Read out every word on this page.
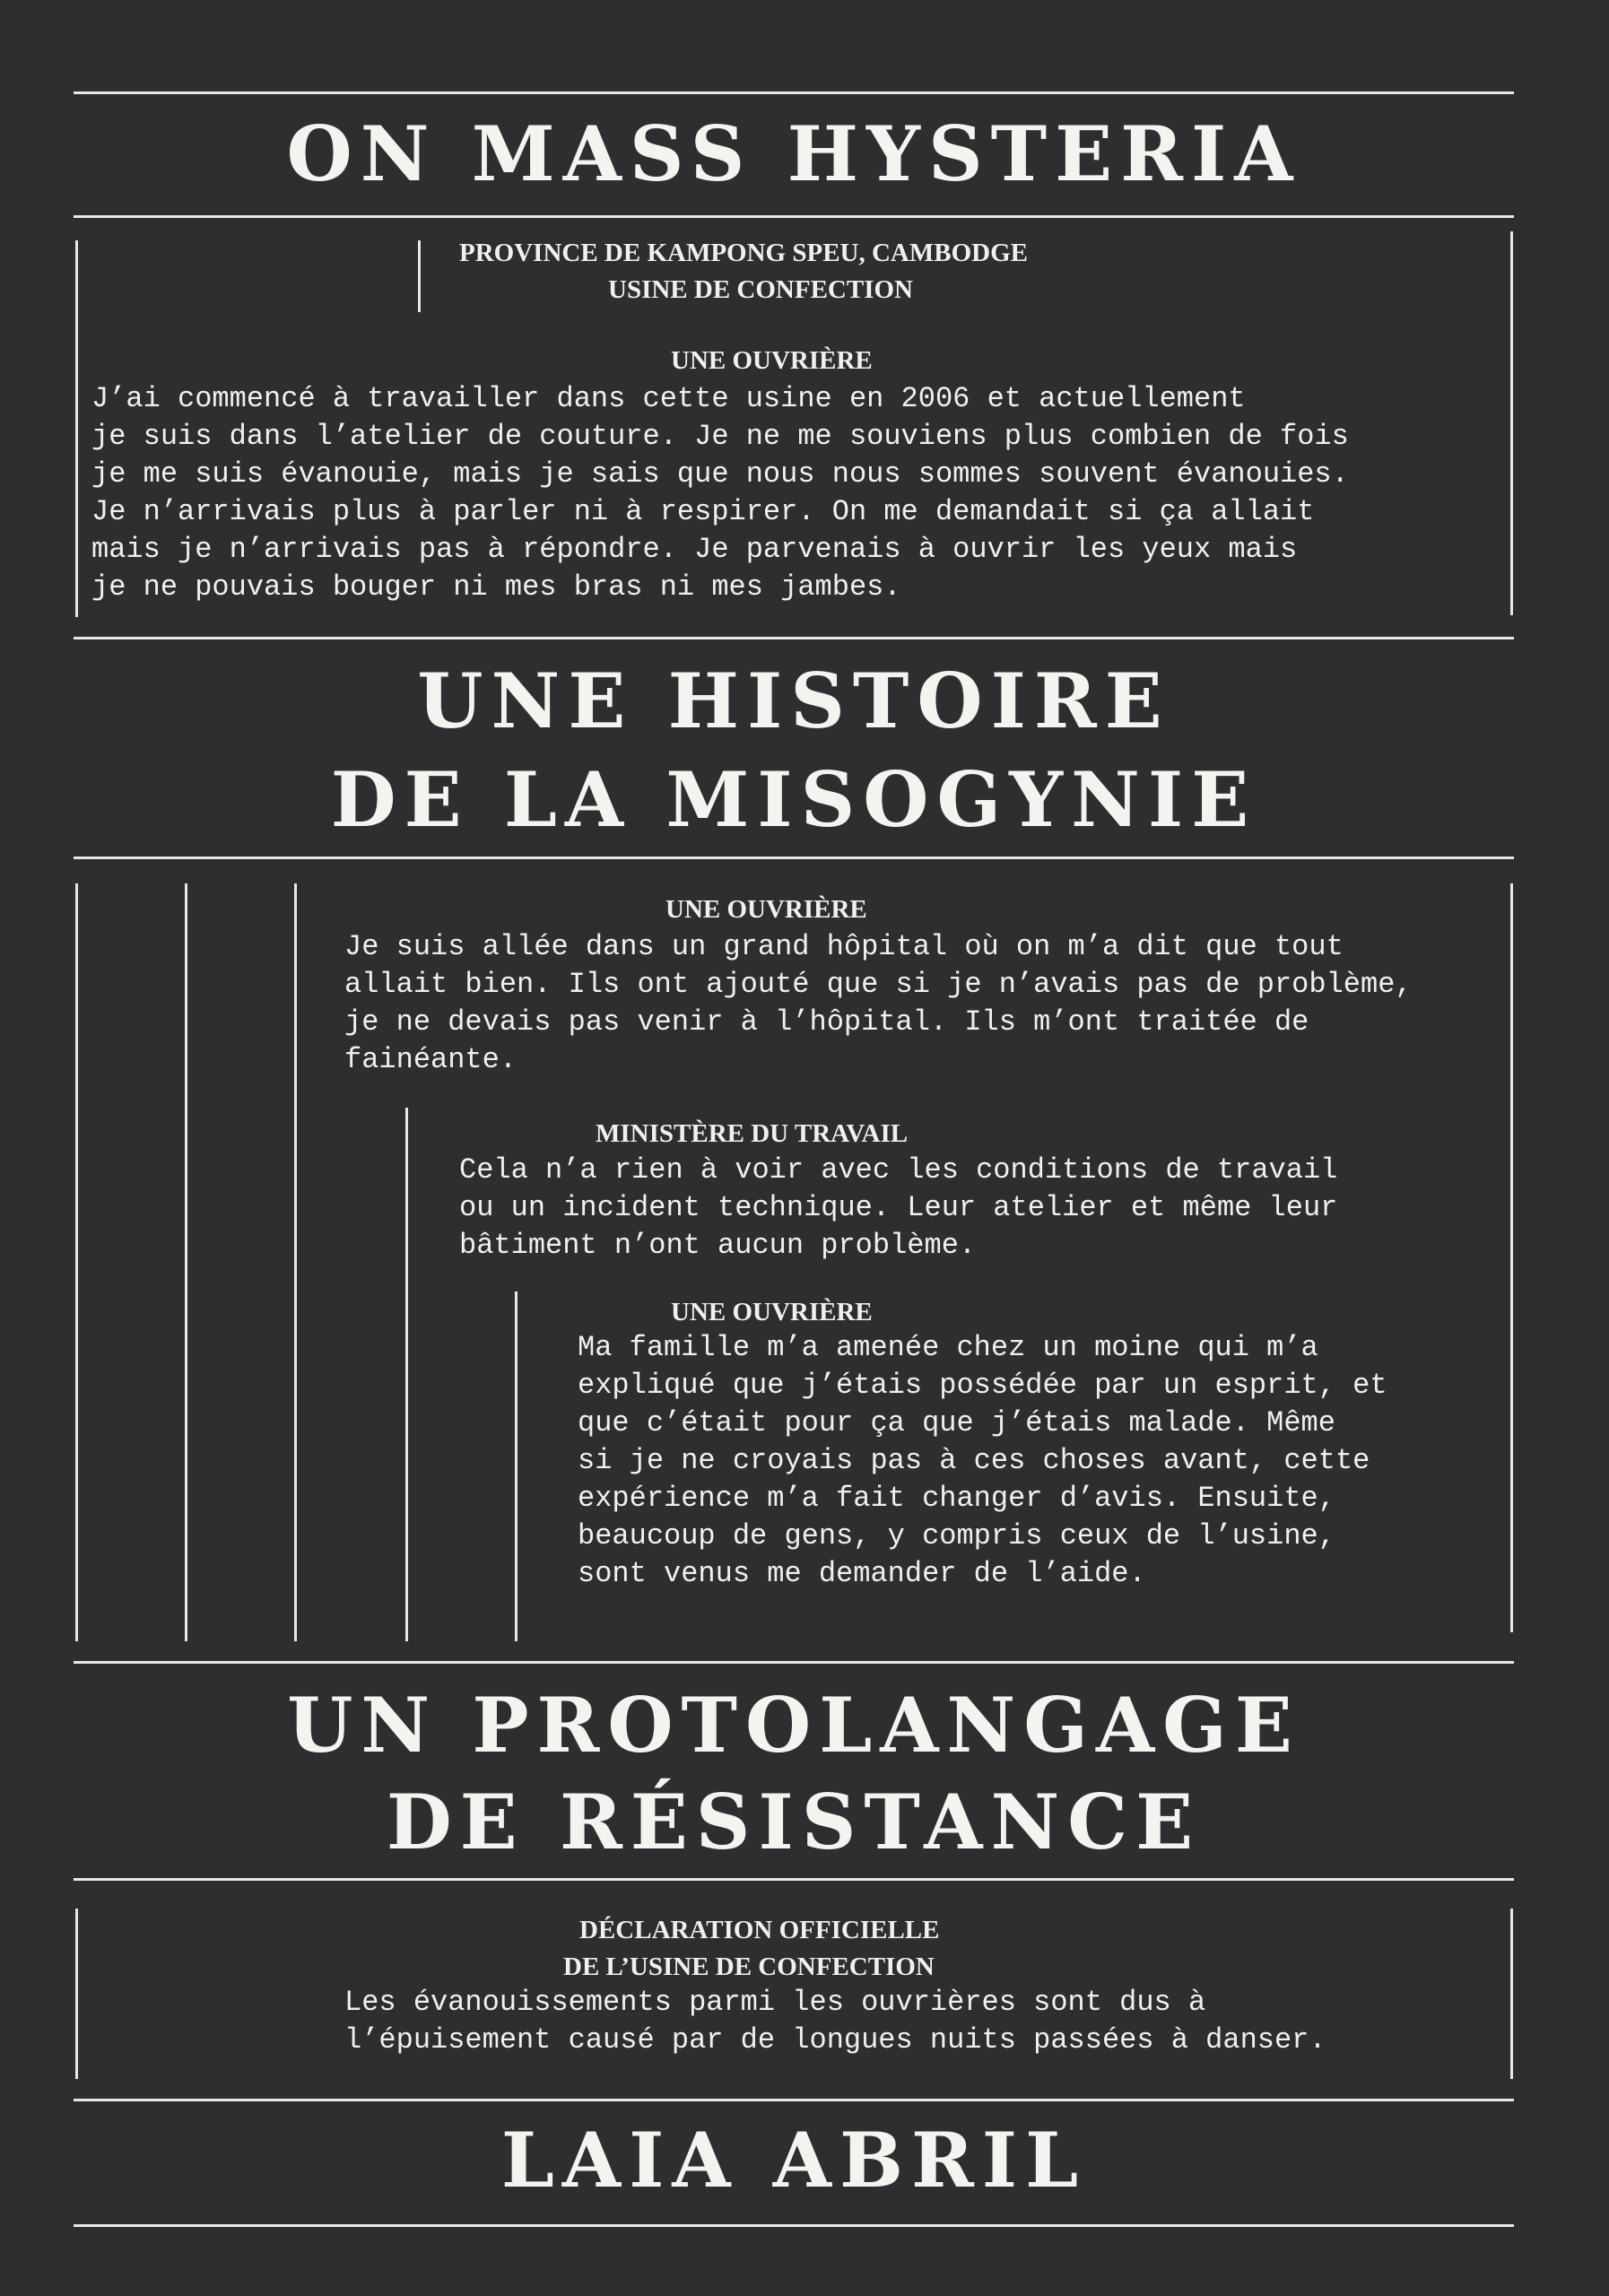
ON MASS HYSTERIA
UNE HISTOIRE
DE LA MISOGYNIE
UN PROTOLANGAGE
DE RÉSISTANCE
LAIA ABRIL
PROVINCE DE KAMPONG SPEU, CAMBODGE
USINE DE CONFECTION
UNE OUVRIÈRE
J’ai commencé à travailler dans cette usine en 2006 et actuellement
je suis dans l’atelier de couture. Je ne me souviens plus combien de fois
je me suis évanouie, mais je sais que nous nous sommes souvent évanouies.
Je n’arrivais plus à parler ni à respirer. On me demandait si ça allait
mais je n’arrivais pas à répondre. Je parvenais à ouvrir les yeux mais
je ne pouvais bouger ni mes bras ni mes jambes.
UNE OUVRIÈRE
Je suis allée dans un grand hôpital où on m’a dit que tout
allait bien. Ils ont ajouté que si je n’avais pas de problème,
je ne devais pas venir à l’hôpital. Ils m’ont traitée de
fainéante.
MINISTÈRE DU TRAVAIL
Cela n’a rien à voir avec les conditions de travail
ou un incident technique. Leur atelier et même leur
bâtiment n’ont aucun problème.
UNE OUVRIÈRE
Ma famille m’a amenée chez un moine qui m’a
expliqué que j’étais possédée par un esprit, et
que c’était pour ça que j’étais malade. Même
si je ne croyais pas à ces choses avant, cette
expérience m’a fait changer d’avis. Ensuite,
beaucoup de gens, y compris ceux de l’usine,
sont venus me demander de l’aide.
DÉCLARATION OFFICIELLE
DE L’USINE DE CONFECTION
Les évanouissements parmi les ouvrières sont dus à
l’épuisement causé par de longues nuits passées à danser.
